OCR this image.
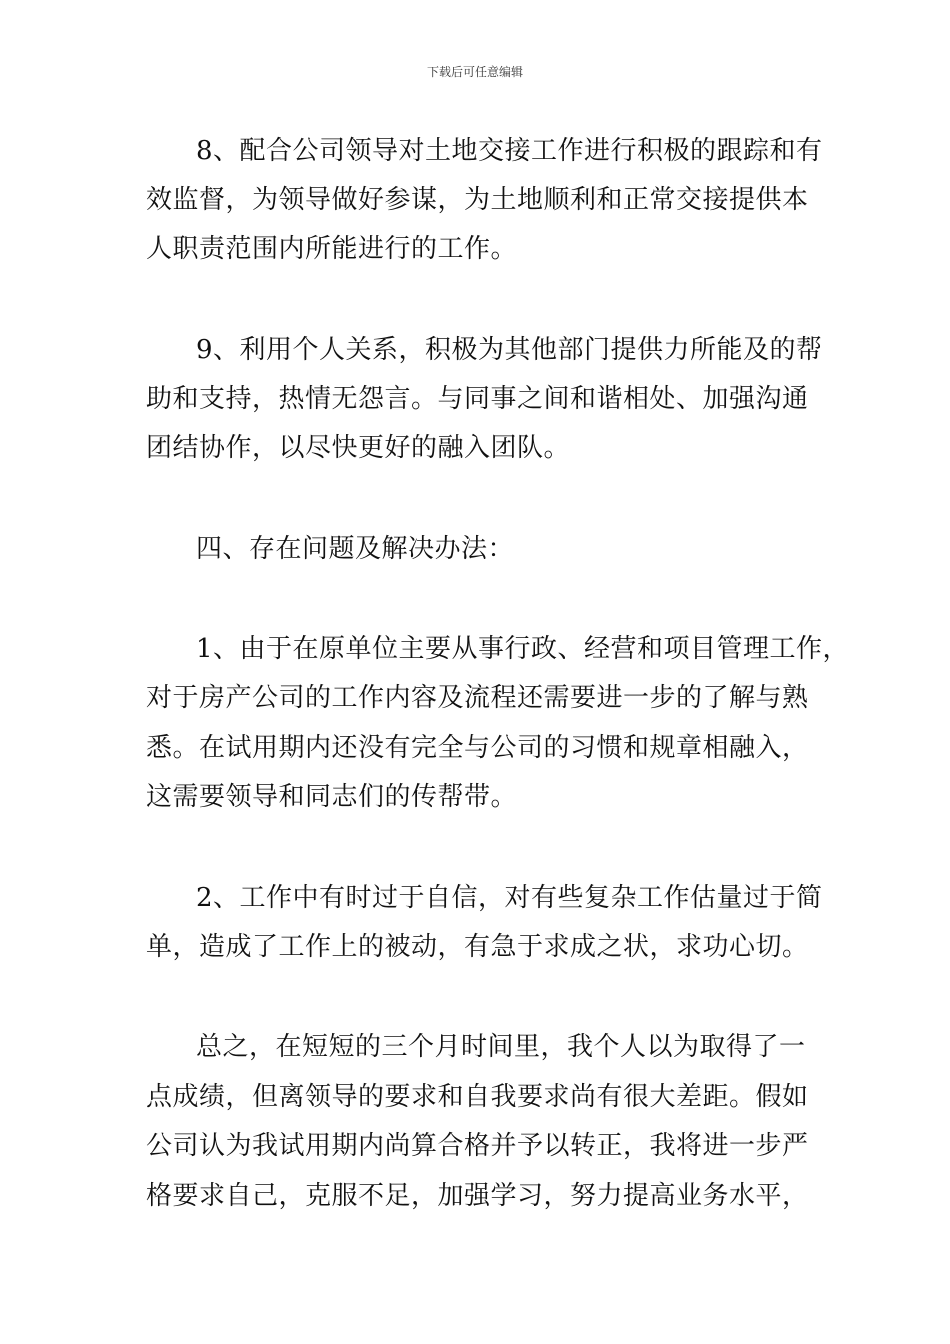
下载后可任意编辑
8、配合公司领导对土地交接工作进行积极的跟踪和有
效监督，为领导做好参谋，为土地顺利和正常交接提供本
人职责范围内所能进行的工作。
9、利用个人关系，积极为其他部门提供力所能及的帮
助和支持，热情无怨言。与同事之间和谐相处、加强沟通
团结协作，以尽快更好的融入团队。
四、存在问题及解决办法：
1、由于在原单位主要从事行政、经营和项目管理工作，
对于房产公司的工作内容及流程还需要进一步的了解与熟
悉。在试用期内还没有完全与公司的习惯和规章相融入，
这需要领导和同志们的传帮带。
2、工作中有时过于自信，对有些复杂工作估量过于简
单，造成了工作上的被动，有急于求成之状，求功心切。
总之，在短短的三个月时间里，我个人以为取得了一
点成绩，但离领导的要求和自我要求尚有很大差距。假如
公司认为我试用期内尚算合格并予以转正，我将进一步严
格要求自己，克服不足，加强学习，努力提高业务水平，
